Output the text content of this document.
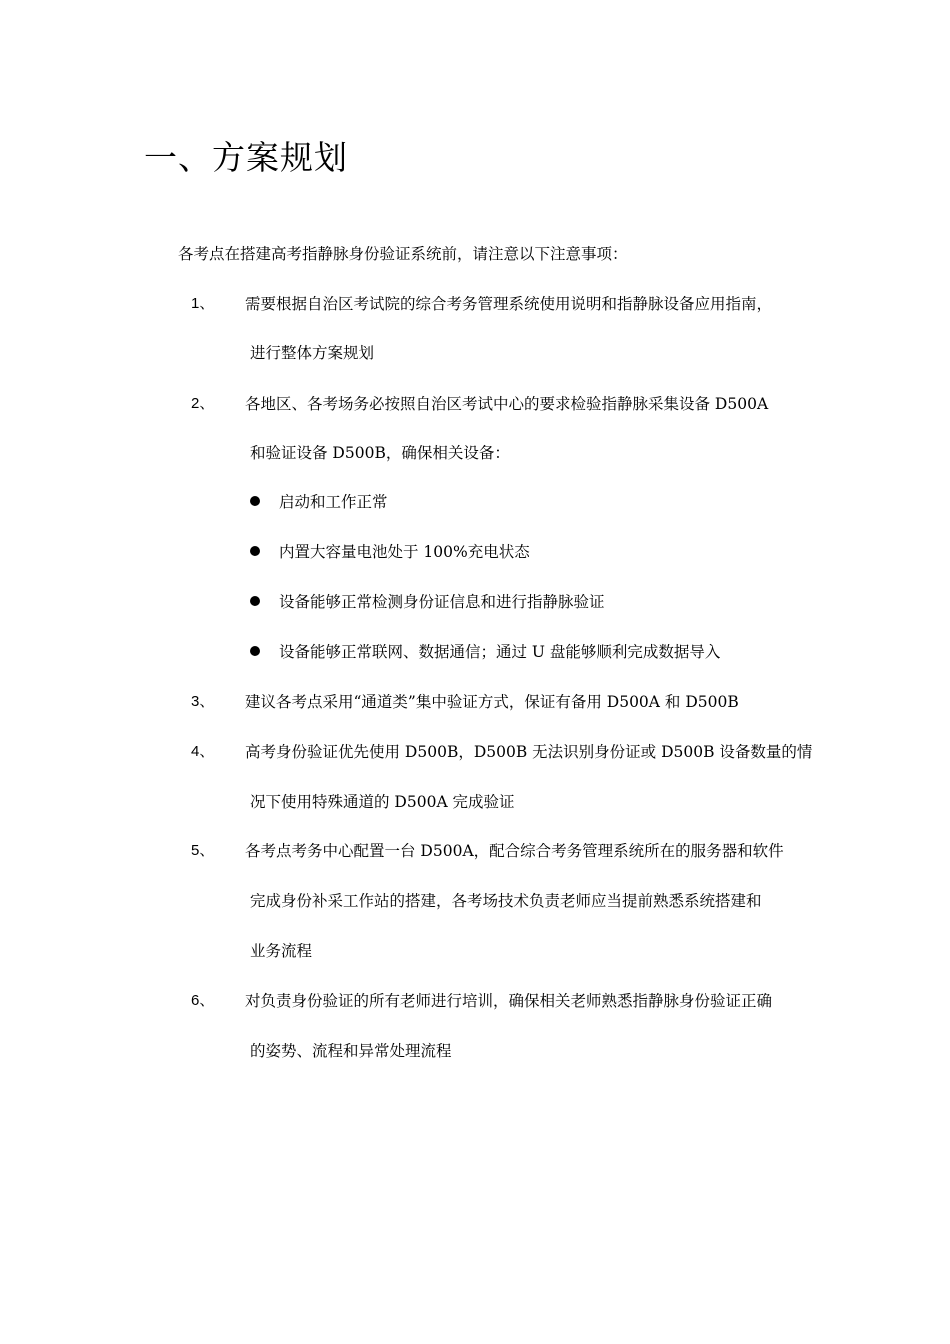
一、方案规划
各考点在搭建高考指静脉身份验证系统前，请注意以下注意事项：
1、 需要根据自治区考试院的综合考务管理系统使用说明和指静脉设备应用指南，
进行整体方案规划
2、 各地区、各考场务必按照自治区考试中心的要求检验指静脉采集设备 D500A
和验证设备 D500B，确保相关设备：
启动和工作正常
内置大容量电池处于 100%充电状态
设备能够正常检测身份证信息和进行指静脉验证
设备能够正常联网、数据通信；通过 U 盘能够顺利完成数据导入
3、 建议各考点采用“通道类”集中验证方式，保证有备用 D500A 和 D500B
4、 高考身份验证优先使用 D500B，D500B 无法识别身份证或 D500B 设备数量的情
况下使用特殊通道的 D500A 完成验证
5、 各考点考务中心配置一台 D500A，配合综合考务管理系统所在的服务器和软件
完成身份补采工作站的搭建，各考场技术负责老师应当提前熟悉系统搭建和
业务流程
6、 对负责身份验证的所有老师进行培训，确保相关老师熟悉指静脉身份验证正确
的姿势、流程和异常处理流程
